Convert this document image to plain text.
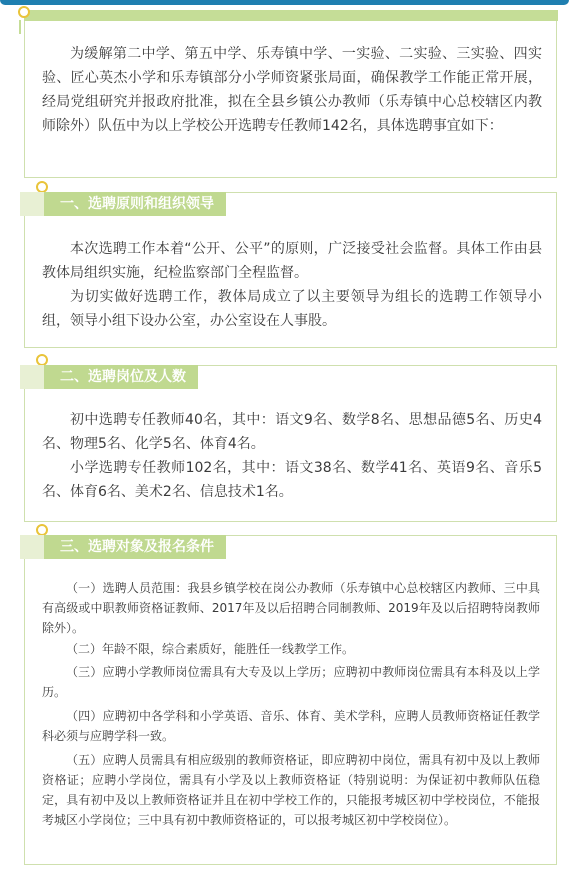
为缓解第二中学、第五中学、乐寿镇中学、一实验、二实验、三实验、四实验、匠心英杰小学和乐寿镇部分小学师资紧张局面，确保教学工作能正常开展，经局党组研究并报政府批准，拟在全县乡镇公办教师（乐寿镇中心总校辖区内教师除外）队伍中为以上学校公开选聘专任教师142名，具体选聘事宜如下：

一、选聘原则和组织领导

本次选聘工作本着“公开、公平”的原则，广泛接受社会监督。具体工作由县教体局组织实施，纪检监察部门全程监督。

为切实做好选聘工作，教体局成立了以主要领导为组长的选聘工作领导小组，领导小组下设办公室，办公室设在人事股。

二、选聘岗位及人数

初中选聘专任教师40名，其中：语文9名、数学8名、思想品德5名、历史4名、物理5名、化学5名、体育4名。

小学选聘专任教师102名，其中：语文38名、数学41名、英语9名、音乐5名、体育6名、美术2名、信息技术1名。

三、选聘对象及报名条件

（一）选聘人员范围：我县乡镇学校在岗公办教师（乐寿镇中心总校辖区内教师、三中具有高级或中职教师资格证教师、2017年及以后招聘合同制教师、2019年及以后招聘特岗教师除外）。

（二）年龄不限，综合素质好，能胜任一线教学工作。

（三）应聘小学教师岗位需具有大专及以上学历；应聘初中教师岗位需具有本科及以上学历。

（四）应聘初中各学科和小学英语、音乐、体育、美术学科，应聘人员教师资格证任教学科必须与应聘学科一致。

（五）应聘人员需具有相应级别的教师资格证，即应聘初中岗位，需具有初中及以上教师资格证；应聘小学岗位，需具有小学及以上教师资格证（特别说明：为保证初中教师队伍稳定，具有初中及以上教师资格证并且在初中学校工作的，只能报考城区初中学校岗位，不能报考城区小学岗位；三中具有初中教师资格证的，可以报考城区初中学校岗位）。
